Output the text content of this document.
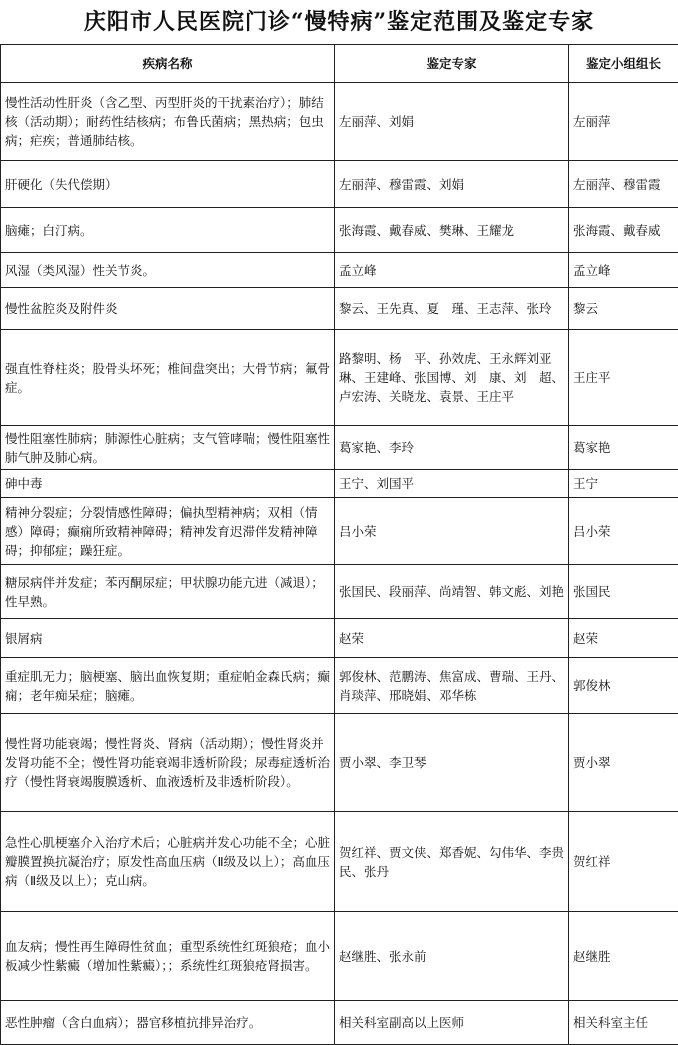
庆阳市人民医院门诊“慢特病”鉴定范围及鉴定专家
疾病名称	鉴定专家	鉴定小组组长
慢性活动性肝炎（含乙型、丙型肝炎的干扰素治疗）；肺结核（活动期）；耐药性结核病；布鲁氏菌病；黑热病；包虫病；疟疾；普通肺结核。	左丽萍、刘娟	左丽萍
肝硬化（失代偿期）	左丽萍、穆雷霞、刘娟	左丽萍、穆雷霞
脑瘫；白汀病。	张海霞、戴春威、樊琳、王耀龙	张海霞、戴春威
风湿（类风湿）性关节炎。	孟立峰	孟立峰
慢性盆腔炎及附件炎	黎云、王先真、夏　瑾、王志萍、张玲	黎云
强直性脊柱炎；股骨头坏死；椎间盘突出；大骨节病；氟骨症。	路黎明、杨　平、孙效虎、王永辉刘亚琳、王建峰、张国博、刘　康、刘　超、卢宏涛、关晓龙、袁景、王庄平	王庄平
慢性阻塞性肺病；肺源性心脏病；支气管哮喘；慢性阻塞性肺气肿及肺心病。	葛家艳、李玲	葛家艳
砷中毒	王宁、刘国平	王宁
精神分裂症；分裂情感性障碍；偏执型精神病；双相（情感）障碍；癫痫所致精神障碍；精神发育迟滞伴发精神障碍；抑郁症；躁狂症。	吕小荣	吕小荣
糖尿病伴并发症；苯丙酮尿症；甲状腺功能亢进（减退）；性早熟。	张国民、段丽萍、尚靖智、韩文彪、刘艳	张国民
银屑病	赵荣	赵荣
重症肌无力；脑梗塞、脑出血恢复期；重症帕金森氏病；癫痫；老年痴呆症；脑瘫。	郭俊林、范鹏涛、焦富成、曹瑞、王丹、肖琰萍、邢晓娟、邓华栋	郭俊林
慢性肾功能衰竭；慢性肾炎、肾病（活动期）；慢性肾炎并发肾功能不全；慢性肾功能衰竭非透析阶段；尿毒症透析治疗（慢性肾衰竭腹膜透析、血液透析及非透析阶段）。	贾小翠、李卫琴	贾小翠
急性心肌梗塞介入治疗术后；心脏病并发心功能不全；心脏瓣膜置换抗凝治疗；原发性高血压病（Ⅱ级及以上）；高血压病（Ⅱ级及以上）；克山病。	贺红祥、贾文侠、郑香妮、勾伟华、李贵民、张丹	贺红祥
血友病；慢性再生障碍性贫血；重型系统性红斑狼疮；血小板减少性紫癜（增加性紫癜）；；系统性红斑狼疮肾损害。	赵继胜、张永前	赵继胜
恶性肿瘤（含白血病）；器官移植抗排异治疗。	相关科室副高以上医师	相关科室主任
